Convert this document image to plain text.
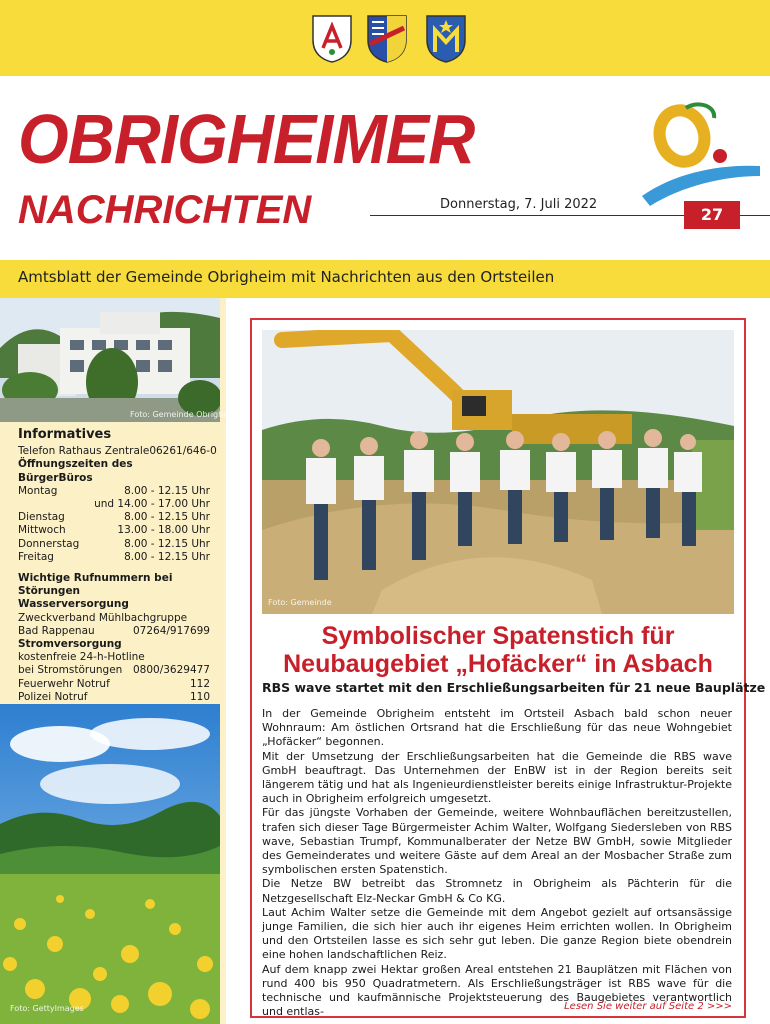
OBRIGHEIMER
NACHRICHTEN	Donnerstag, 7. Juli 2022
27
Amtsblatt der Gemeinde Obrigheim mit Nachrichten aus den Ortsteilen
Foto: Gemeinde Obrigheim
Informatives
Telefon Rathaus Zentrale 06261/646-0
Öffnungszeiten des BürgerBüros
Montag	8.00 - 12.15 Uhr
und 14.00 - 17.00 Uhr
Dienstag	8.00 - 12.15 Uhr
Mittwoch	13.00 - 18.00 Uhr
Donnerstag	8.00 - 12.15 Uhr
Freitag	8.00 - 12.15 Uhr
Wichtige Rufnummern bei Störungen
Wasserversorgung
Zweckverband Mühlbachgruppe
Bad Rappenau	07264/917699
Stromversorgung
kostenfreie 24-h-Hotline
bei Stromstörungen 0800/3629477
Feuerwehr Notruf	112
Polizei Notruf	110
Foto: GettyImages
Foto: Gemeinde
Symbolischer Spatenstich für
Neubaugebiet „Hofäcker“ in Asbach
RBS wave startet mit den Erschließungsarbeiten für 21 neue Bauplätze

In der Gemeinde Obrigheim entsteht im Ortsteil Asbach bald schon neuer Wohnraum: Am östlichen Ortsrand hat die Erschließung für das neue Wohngebiet „Hofäcker“ begonnen.

Mit der Umsetzung der Erschließungsarbeiten hat die Gemeinde die RBS wave GmbH beauftragt. Das Unternehmen der EnBW ist in der Region bereits seit längerem tätig und hat als Ingenieurdienstleister bereits einige Infrastruktur-Projekte auch in Obrigheim erfolgreich umgesetzt.

Für das jüngste Vorhaben der Gemeinde, weitere Wohnbauflächen bereitzustellen, trafen sich dieser Tage Bürgermeister Achim Walter, Wolfgang Siedersleben von RBS wave, Sebastian Trumpf, Kommunalberater der Netze BW GmbH, sowie Mitglieder des Gemeinderates und weitere Gäste auf dem Areal an der Mosbacher Straße zum symbolischen ersten Spatenstich.

Die Netze BW betreibt das Stromnetz in Obrigheim als Pächterin für die Netzgesellschaft Elz-Neckar GmbH & Co KG.

Laut Achim Walter setze die Gemeinde mit dem Angebot gezielt auf ortsansässige junge Familien, die sich hier auch ihr eigenes Heim errichten wollen. In Obrigheim und den Ortsteilen lasse es sich sehr gut leben. Die ganze Region biete obendrein eine hohen landschaftlichen Reiz.

Auf dem knapp zwei Hektar großen Areal entstehen 21 Bauplätzen mit Flächen von rund 400 bis 950 Quadratmetern. Als Erschließungsträger ist RBS wave für die technische und kaufmännische Projektsteuerung des Baugebietes verantwortlich und entlas-	Lesen Sie weiter auf Seite 2 >>>
